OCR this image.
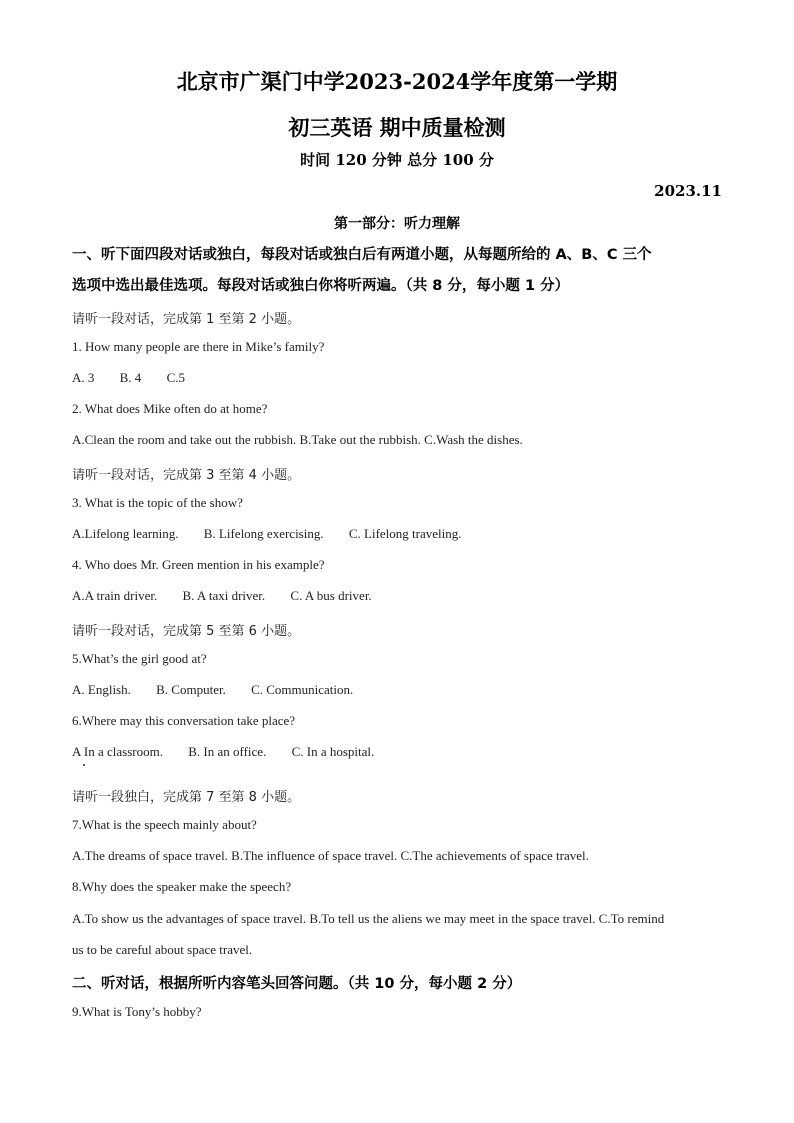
北京市广渠门中学2023-2024学年度第一学期
初三英语 期中质量检测
时间 120 分钟 总分 100 分
2023.11
第一部分：听力理解
一、听下面四段对话或独白，每段对话或独白后有两道小题，从每题所给的 A、B、C 三个
选项中选出最佳选项。每段对话或独白你将听两遍。（共 8 分，每小题 1 分）
请听一段对话，完成第 1 至第 2 小题。
1. How many people are there in Mike’s family?
A. 3 B. 4 C.5
2. What does Mike often do at home?
A.Clean the room and take out the rubbish. B.Take out the rubbish. C.Wash the dishes.
请听一段对话，完成第 3 至第 4 小题。
3. What is the topic of the show?
A.Lifelong learning. B. Lifelong exercising. C. Lifelong traveling.
4. Who does Mr. Green mention in his example?
A.A train driver. B. A taxi driver. C. A bus driver.
请听一段对话，完成第 5 至第 6 小题。
5.What’s the girl good at?
A. English. B. Computer. C. Communication.
6.Where may this conversation take place?
A In a classroom. B. In an office. C. In a hospital.
请听一段独白，完成第 7 至第 8 小题。
7.What is the speech mainly about?
A.The dreams of space travel. B.The influence of space travel. C.The achievements of space travel.
8.Why does the speaker make the speech?
A.To show us the advantages of space travel. B.To tell us the aliens we may meet in the space travel. C.To remind
us to be careful about space travel.
二、听对话，根据所听内容笔头回答问题。（共 10 分，每小题 2 分）
9.What is Tony’s hobby?
